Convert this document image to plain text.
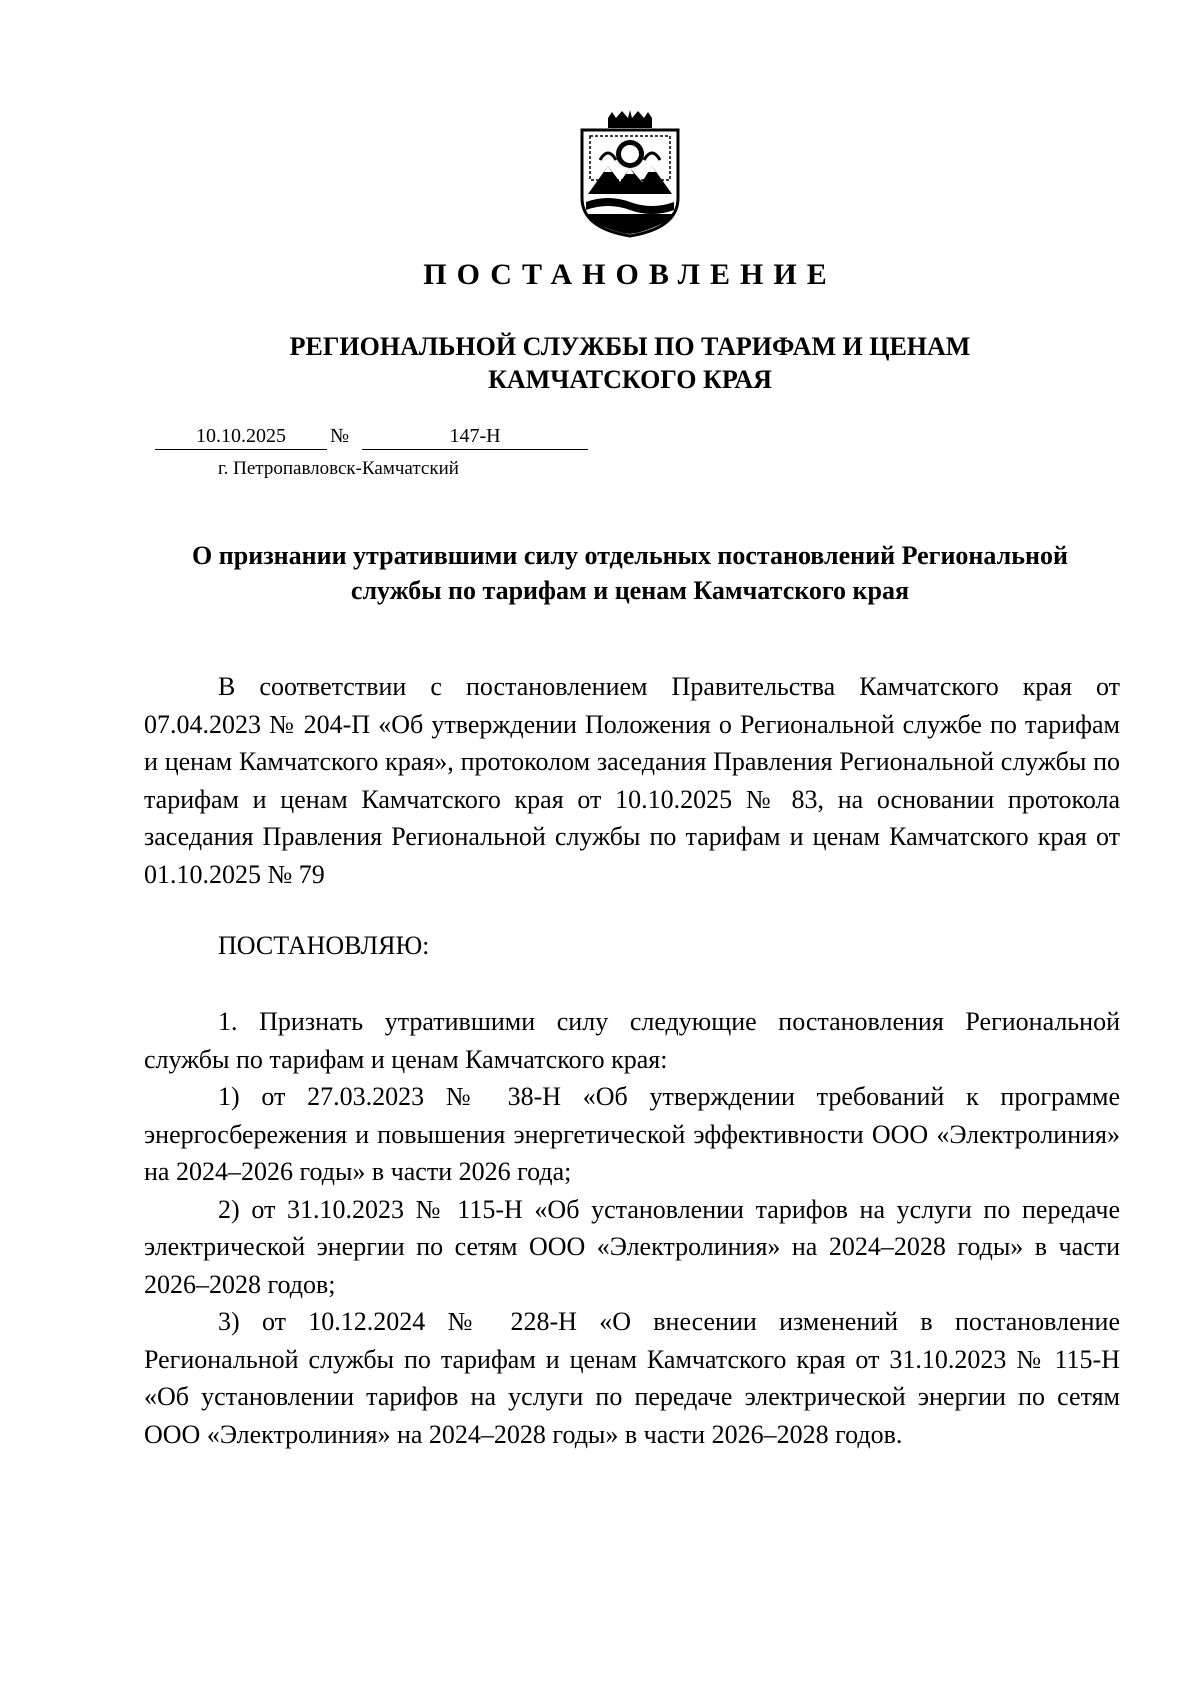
ПОСТАНОВЛЕНИЕ
РЕГИОНАЛЬНОЙ СЛУЖБЫ ПО ТАРИФАМ И ЦЕНАМ
КАМЧАТСКОГО КРАЯ
10.10.2025	№	147-Н
г. Петропавловск-Камчатский
О признании утратившими силу отдельных постановлений Региональной
службы по тарифам и ценам Камчатского края
В соответствии с постановлением Правительства Камчатского края от 07.04.2023 № 204-П «Об утверждении Положения о Региональной службе по тарифам и ценам Камчатского края», протоколом заседания Правления Региональной службы по тарифам и ценам Камчатского края от 10.10.2025 № 83, на основании протокола заседания Правления Региональной службы по тарифам и ценам Камчатского края от 01.10.2025 № 79
ПОСТАНОВЛЯЮ:
1. Признать утратившими силу следующие постановления Региональной службы по тарифам и ценам Камчатского края:
1) от 27.03.2023 № 38-Н «Об утверждении требований к программе энергосбережения и повышения энергетической эффективности ООО «Электролиния» на 2024–2026 годы» в части 2026 года;
2) от 31.10.2023 № 115-Н «Об установлении тарифов на услуги по передаче электрической энергии по сетям ООО «Электролиния» на 2024–2028 годы» в части 2026–2028 годов;
3) от 10.12.2024 № 228-Н «О внесении изменений в постановление Региональной службы по тарифам и ценам Камчатского края от 31.10.2023 № 115-Н «Об установлении тарифов на услуги по передаче электрической энергии по сетям ООО «Электролиния» на 2024–2028 годы» в части 2026–2028 годов.
